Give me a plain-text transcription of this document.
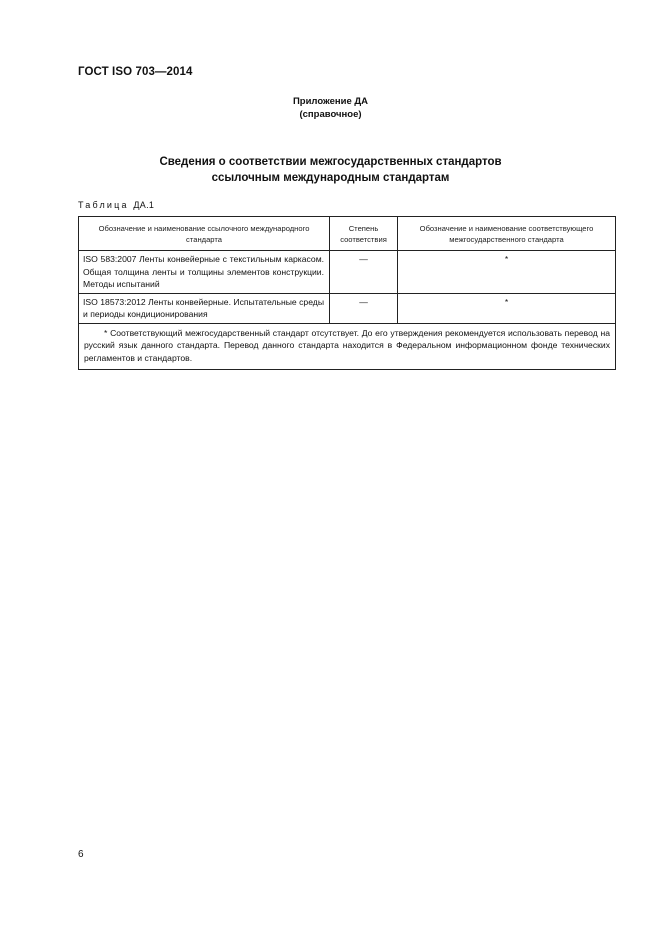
ГОСТ ISO 703—2014
Приложение ДА
(справочное)
Сведения о соответствии межгосударственных стандартов
ссылочным международным стандартам
Таблица ДА.1
Обозначение и наименование ссылочного международного стандарта	Степень соответствия	Обозначение и наименование соответствующего межгосударственного стандарта
ISO 583:2007 Ленты конвейерные с текстильным каркасом. Общая толщина ленты и толщины элементов конструкции. Методы испытаний	—	*
ISO 18573:2012 Ленты конвейерные. Испытательные среды и периоды кондиционирования	—	*
* Соответствующий межгосударственный стандарт отсутствует. До его утверждения рекомендуется использовать перевод на русский язык данного стандарта. Перевод данного стандарта находится в Федеральном информационном фонде технических регламентов и стандартов.		
6
